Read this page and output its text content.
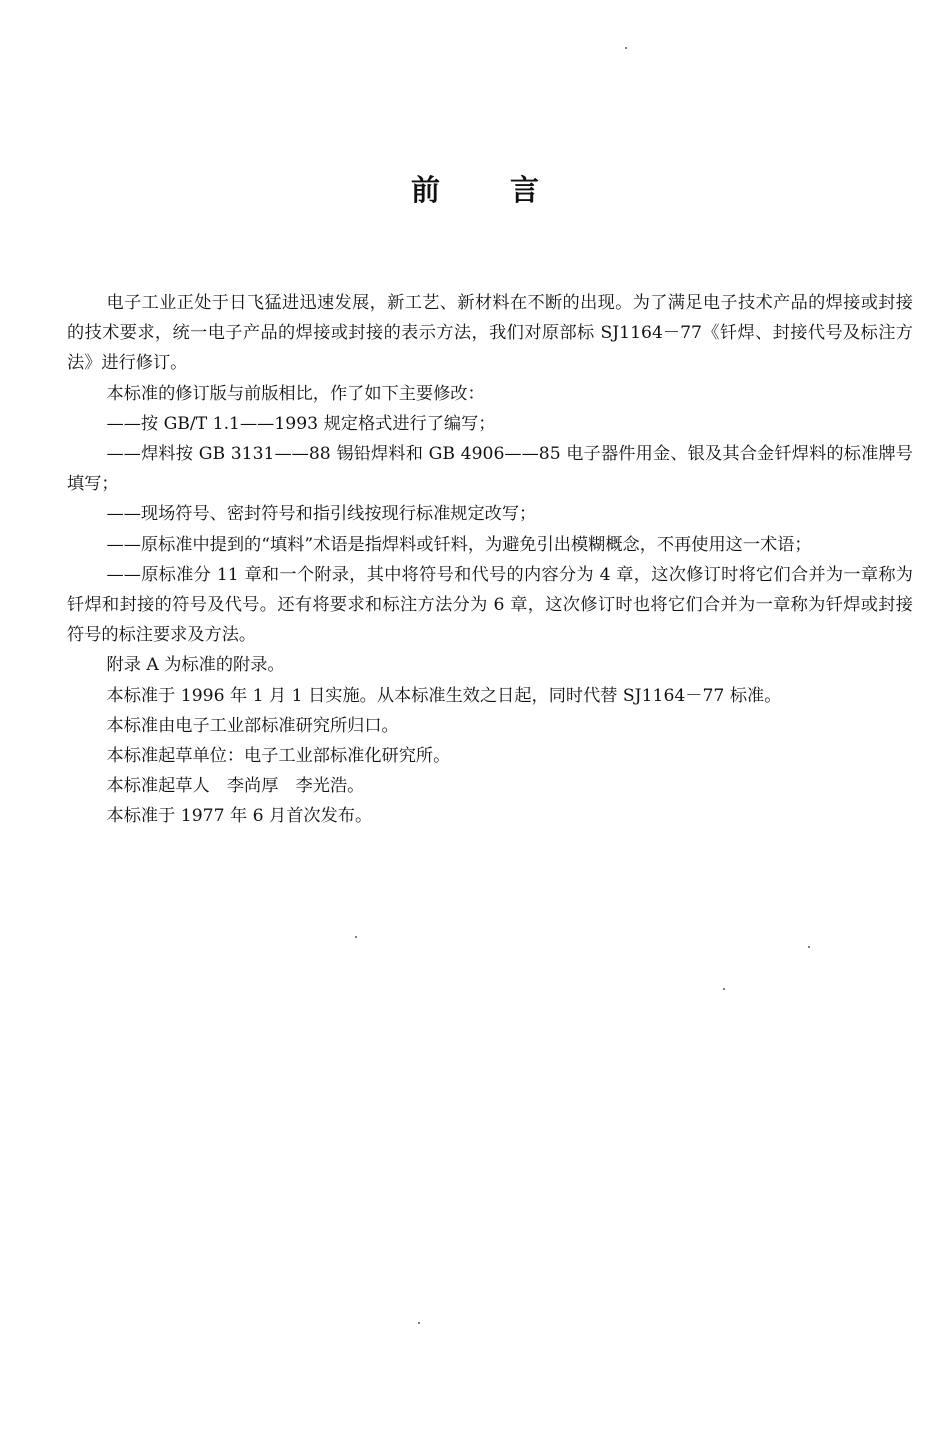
前言

电子工业正处于日飞猛进迅速发展，新工艺、新材料在不断的出现。为了满足电子技术产品的焊接或封接的技术要求，统一电子产品的焊接或封接的表示方法，我们对原部标 SJ1164－77《钎焊、封接代号及标注方法》进行修订。

本标准的修订版与前版相比，作了如下主要修改：

——按 GB/T 1.1——1993 规定格式进行了编写；

——焊料按 GB 3131——88 锡铅焊料和 GB 4906——85 电子器件用金、银及其合金钎焊料的标准牌号填写；

——现场符号、密封符号和指引线按现行标准规定改写；

——原标准中提到的“填料”术语是指焊料或钎料，为避免引出模糊概念，不再使用这一术语；

——原标准分 11 章和一个附录，其中将符号和代号的内容分为 4 章，这次修订时将它们合并为一章称为钎焊和封接的符号及代号。还有将要求和标注方法分为 6 章，这次修订时也将它们合并为一章称为钎焊或封接符号的标注要求及方法。

附录 A 为标准的附录。

本标准于 1996 年 1 月 1 日实施。从本标准生效之日起，同时代替 SJ1164－77 标准。

本标准由电子工业部标准研究所归口。

本标准起草单位：电子工业部标准化研究所。

本标准起草人　李尚厚　李光浩。

本标准于 1977 年 6 月首次发布。
